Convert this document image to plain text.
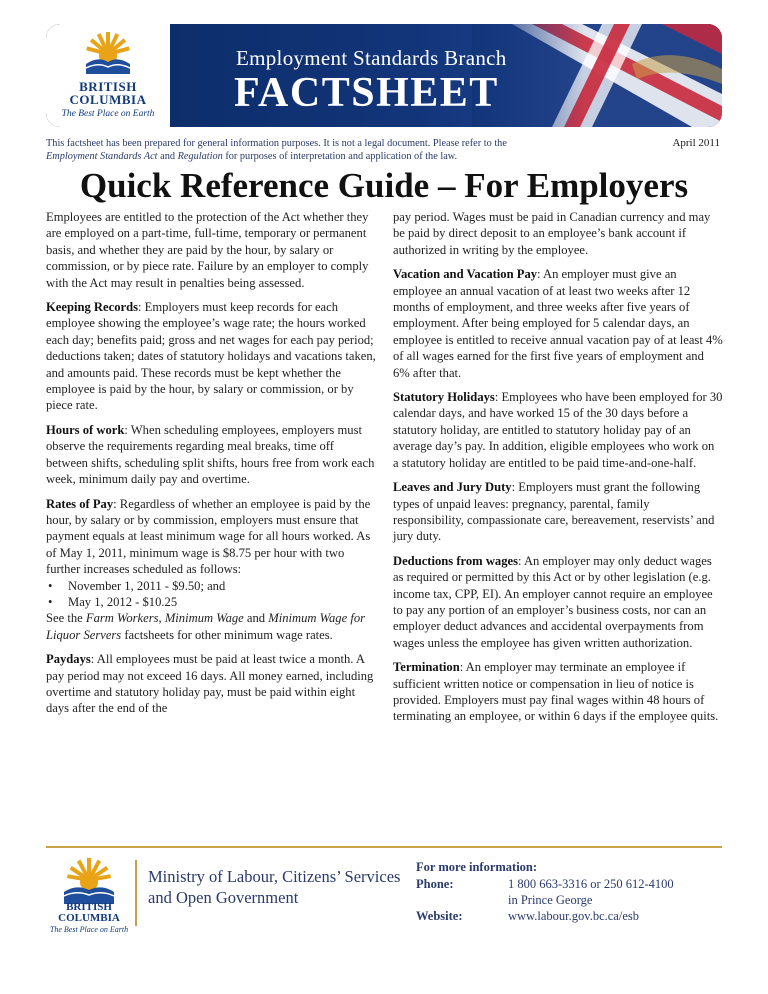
BRITISH
COLUMBIA
The Best Place on Earth
Employment Standards Branch
FACTSHEET
This factsheet has been prepared for general information purposes. It is not a legal document. Please refer to the
Employment Standards Act and Regulation for purposes of interpretation and application of the law.
April 2011
Quick Reference Guide – For Employers

Employees are entitled to the protection of the Act whether they are employed on a part-time, full-time, temporary or permanent basis, and whether they are paid by the hour, by salary or commission, or by piece rate. Failure by an employer to comply with the Act may result in penalties being assessed.

Keeping Records: Employers must keep records for each employee showing the employee’s wage rate; the hours worked each day; benefits paid; gross and net wages for each pay period; deductions taken; dates of statutory holidays and vacations taken, and amounts paid. These records must be kept whether the employee is paid by the hour, by salary or commission, or by piece rate.

Hours of work: When scheduling employees, employers must observe the requirements regarding meal breaks, time off between shifts, scheduling split shifts, hours free from work each week, minimum daily pay and overtime.

Rates of Pay: Regardless of whether an employee is paid by the hour, by salary or by commission, employers must ensure that payment equals at least minimum wage for all hours worked. As of May 1, 2011, minimum wage is $8.75 per hour with two further increases scheduled as follows:

• November 1, 2011 - $9.50; and
• May 1, 2012 - $10.25

See the Farm Workers, Minimum Wage and Minimum Wage for Liquor Servers factsheets for other minimum wage rates.

Paydays: All employees must be paid at least twice a month. A pay period may not exceed 16 days. All money earned, including overtime and statutory holiday pay, must be paid within eight days after the end of the

pay period. Wages must be paid in Canadian currency and may be paid by direct deposit to an employee’s bank account if authorized in writing by the employee.

Vacation and Vacation Pay: An employer must give an employee an annual vacation of at least two weeks after 12 months of employment, and three weeks after five years of employment. After being employed for 5 calendar days, an employee is entitled to receive annual vacation pay of at least 4% of all wages earned for the first five years of employment and 6% after that.

Statutory Holidays: Employees who have been employed for 30 calendar days, and have worked 15 of the 30 days before a statutory holiday, are entitled to statutory holiday pay of an average day’s pay. In addition, eligible employees who work on a statutory holiday are entitled to be paid time-and-one-half.

Leaves and Jury Duty: Employers must grant the following types of unpaid leaves: pregnancy, parental, family responsibility, compassionate care, bereavement, reservists’ and jury duty.

Deductions from wages: An employer may only deduct wages as required or permitted by this Act or by other legislation (e.g. income tax, CPP, EI). An employer cannot require an employee to pay any portion of an employer’s business costs, nor can an employer deduct advances and accidental overpayments from wages unless the employee has given written authorization.

Termination: An employer may terminate an employee if sufficient written notice or compensation in lieu of notice is provided. Employers must pay final wages within 48 hours of terminating an employee, or within 6 days if the employee quits.

BRITISH
COLUMBIA
The Best Place on Earth
Ministry of Labour, Citizens’ Services
and Open Government
For more information:
Phone:	1 800 663-3316 or 250 612-4100
in Prince George
Website:	www.labour.gov.bc.ca/esb
